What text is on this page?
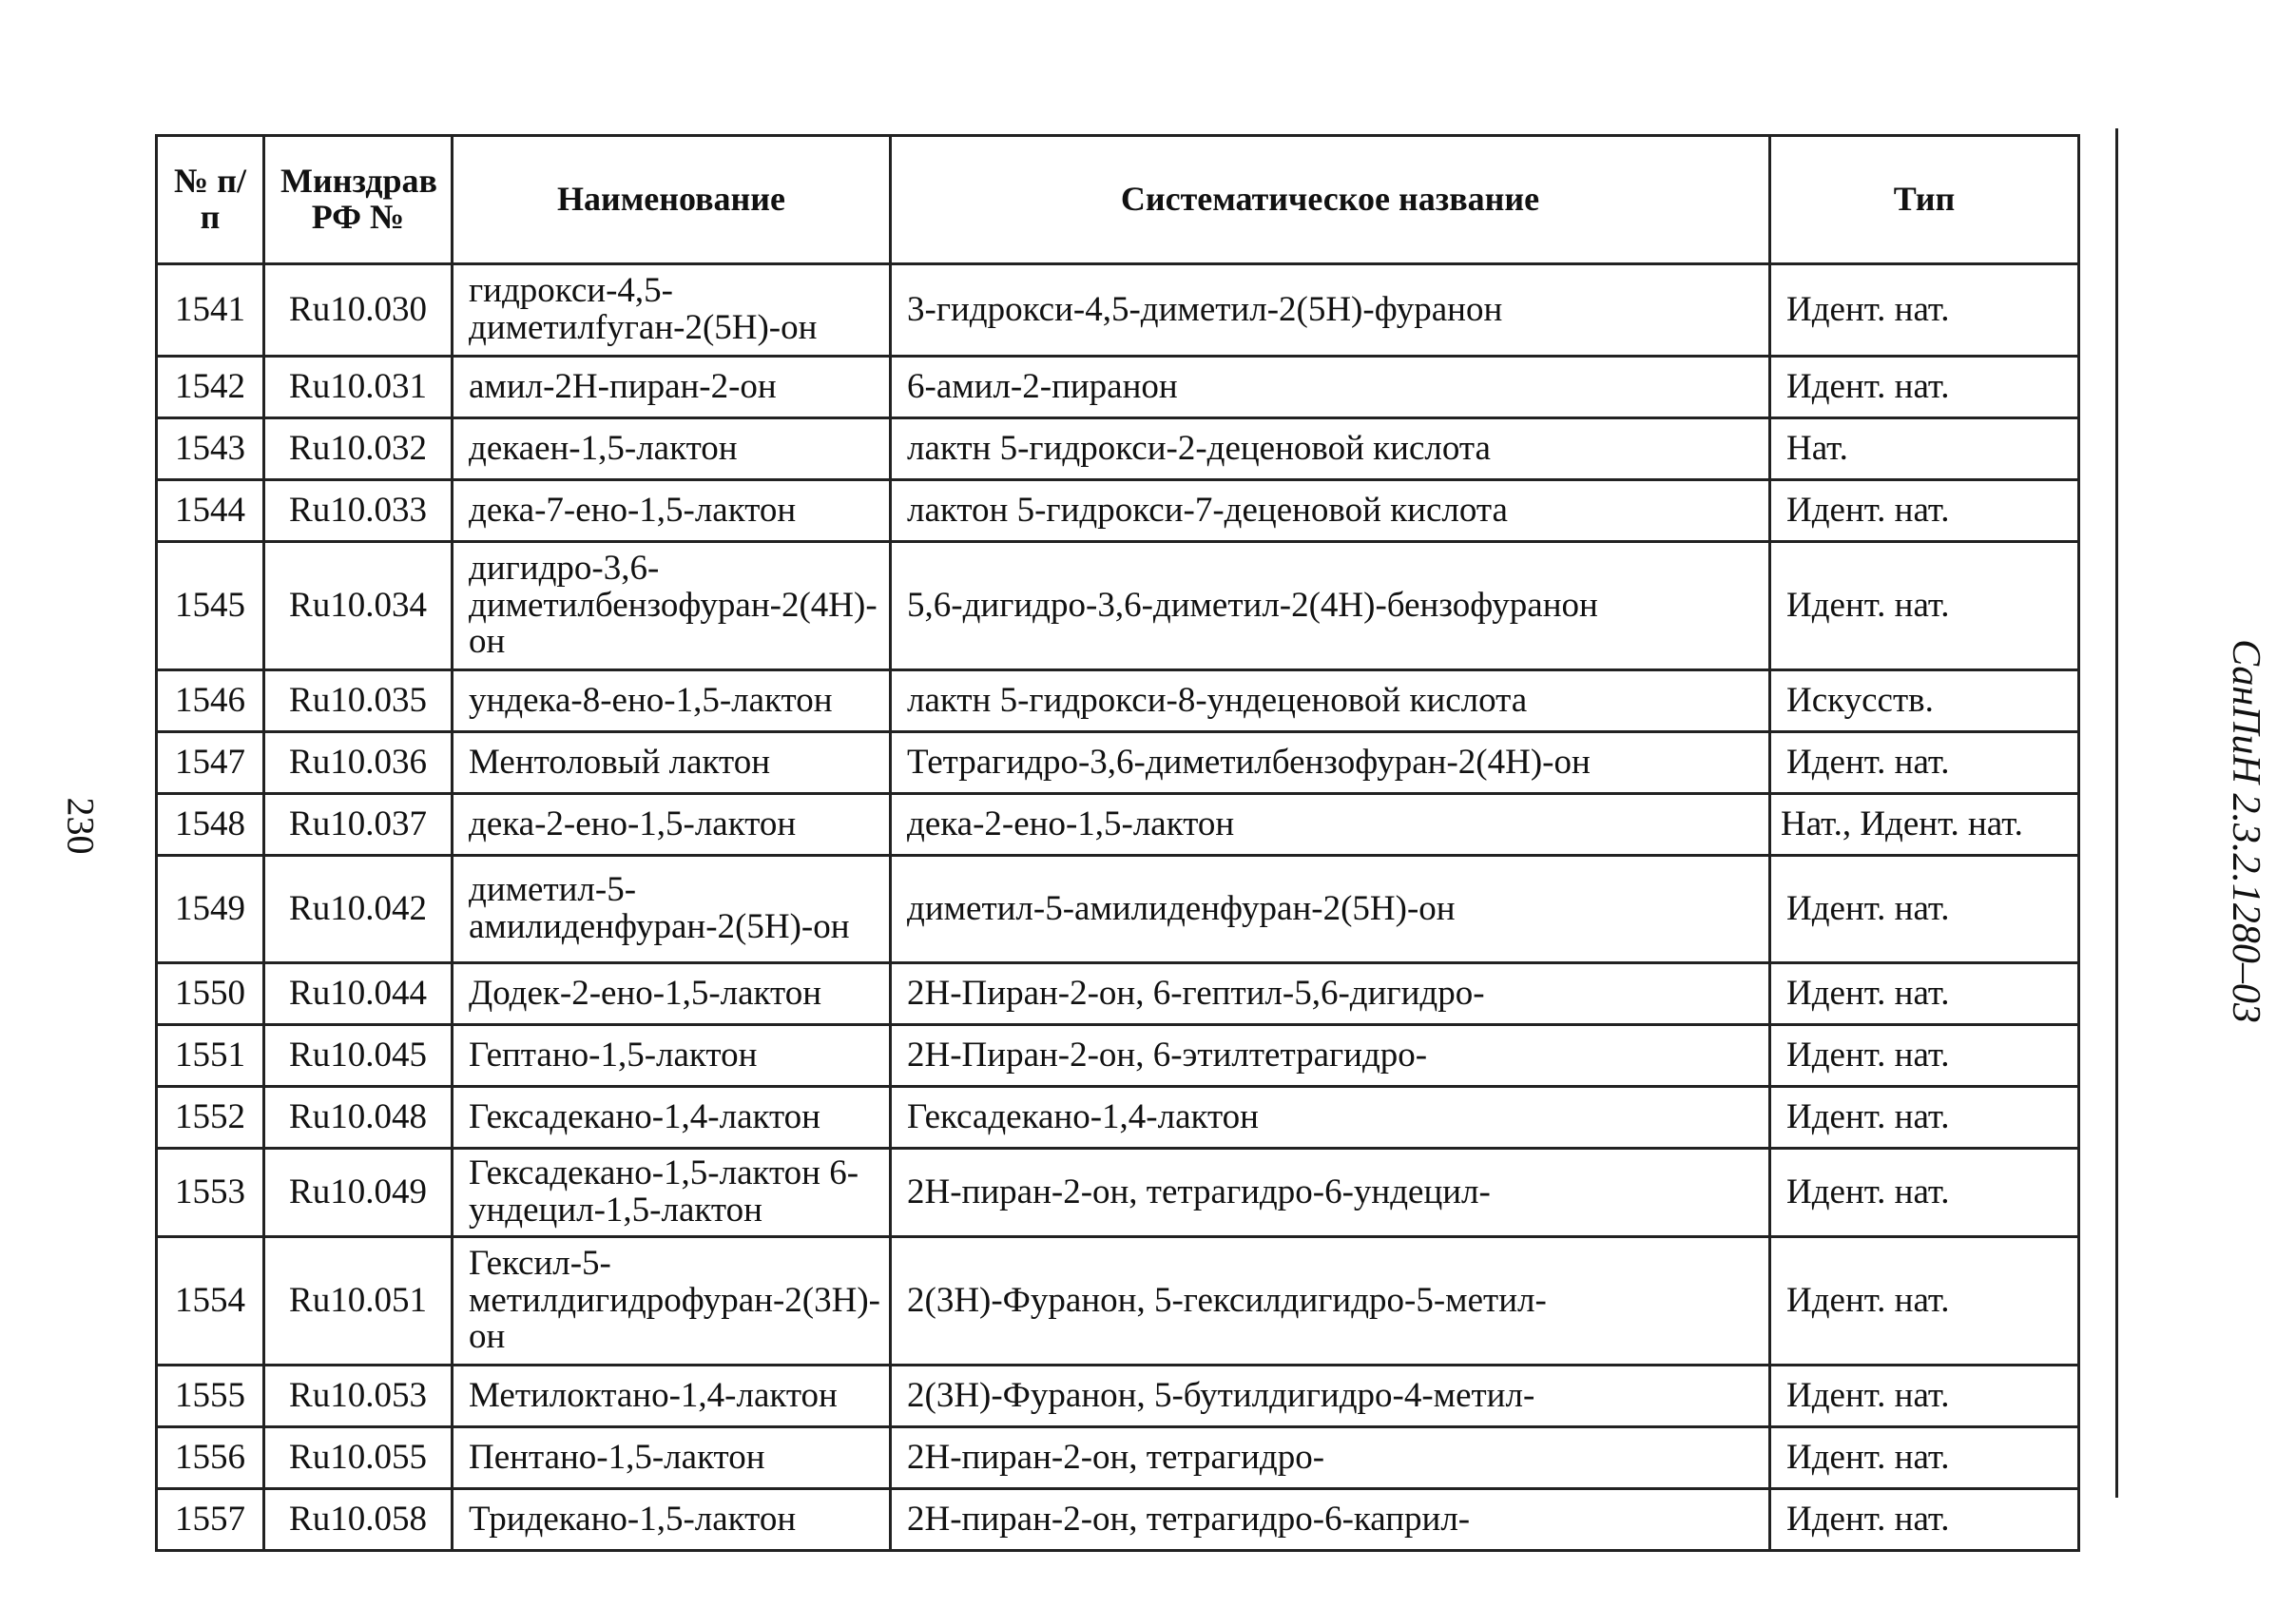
230	СанПиН 2.3.2.1280–03
№ п/п	Минздрав РФ №	Наименование	Систематическое название	Тип
1541	Ru10.030	гидрокси-4,5-диметилfуган-2(5Н)-он	3-гидрокси-4,5-диметил-2(5Н)-фуранон	Идент. нат.
1542	Ru10.031	амил-2Н-пиран-2-он	6-амил-2-пиранон	Идент. нат.
1543	Ru10.032	декаен-1,5-лактон	лактн 5-гидрокси-2-деценовой кислота	Нат.
1544	Ru10.033	дека-7-ено-1,5-лактон	лактон 5-гидрокси-7-деценовой кислота	Идент. нат.
1545	Ru10.034	дигидро-3,6-диметилбензофуран-2(4Н)-он	5,6-дигидро-3,6-диметил-2(4Н)-бензофуранон	Идент. нат.
1546	Ru10.035	ундека-8-ено-1,5-лактон	лактн 5-гидрокси-8-ундеценовой кислота	Искусств.
1547	Ru10.036	Ментоловый лактон	Тетрагидро-3,6-диметилбензофуран-2(4Н)-он	Идент. нат.
1548	Ru10.037	дека-2-ено-1,5-лактон	дека-2-ено-1,5-лактон	Нат., Идент. нат.
1549	Ru10.042	диметил-5-амилиденфуран-2(5Н)-он	диметил-5-амилиденфуран-2(5Н)-он	Идент. нат.
1550	Ru10.044	Додек-2-ено-1,5-лактон	2Н-Пиран-2-он, 6-гептил-5,6-дигидро-	Идент. нат.
1551	Ru10.045	Гептано-1,5-лактон	2Н-Пиран-2-он, 6-этилтетрагидро-	Идент. нат.
1552	Ru10.048	Гексадекано-1,4-лактон	Гексадекано-1,4-лактон	Идент. нат.
1553	Ru10.049	Гексадекано-1,5-лактон 6-ундецил-1,5-лактон	2Н-пиран-2-он, тетрагидро-6-ундецил-	Идент. нат.
1554	Ru10.051	Гексил-5-метилдигидрофуран-2(3Н)-он	2(3Н)-Фуранон, 5-гексилдигидро-5-метил-	Идент. нат.
1555	Ru10.053	Метилоктано-1,4-лактон	2(3Н)-Фуранон, 5-бутилдигидро-4-метил-	Идент. нат.
1556	Ru10.055	Пентано-1,5-лактон	2Н-пиран-2-он, тетрагидро-	Идент. нат.
1557	Ru10.058	Тридекано-1,5-лактон	2Н-пиран-2-он, тетрагидро-6-каприл-	Идент. нат.
